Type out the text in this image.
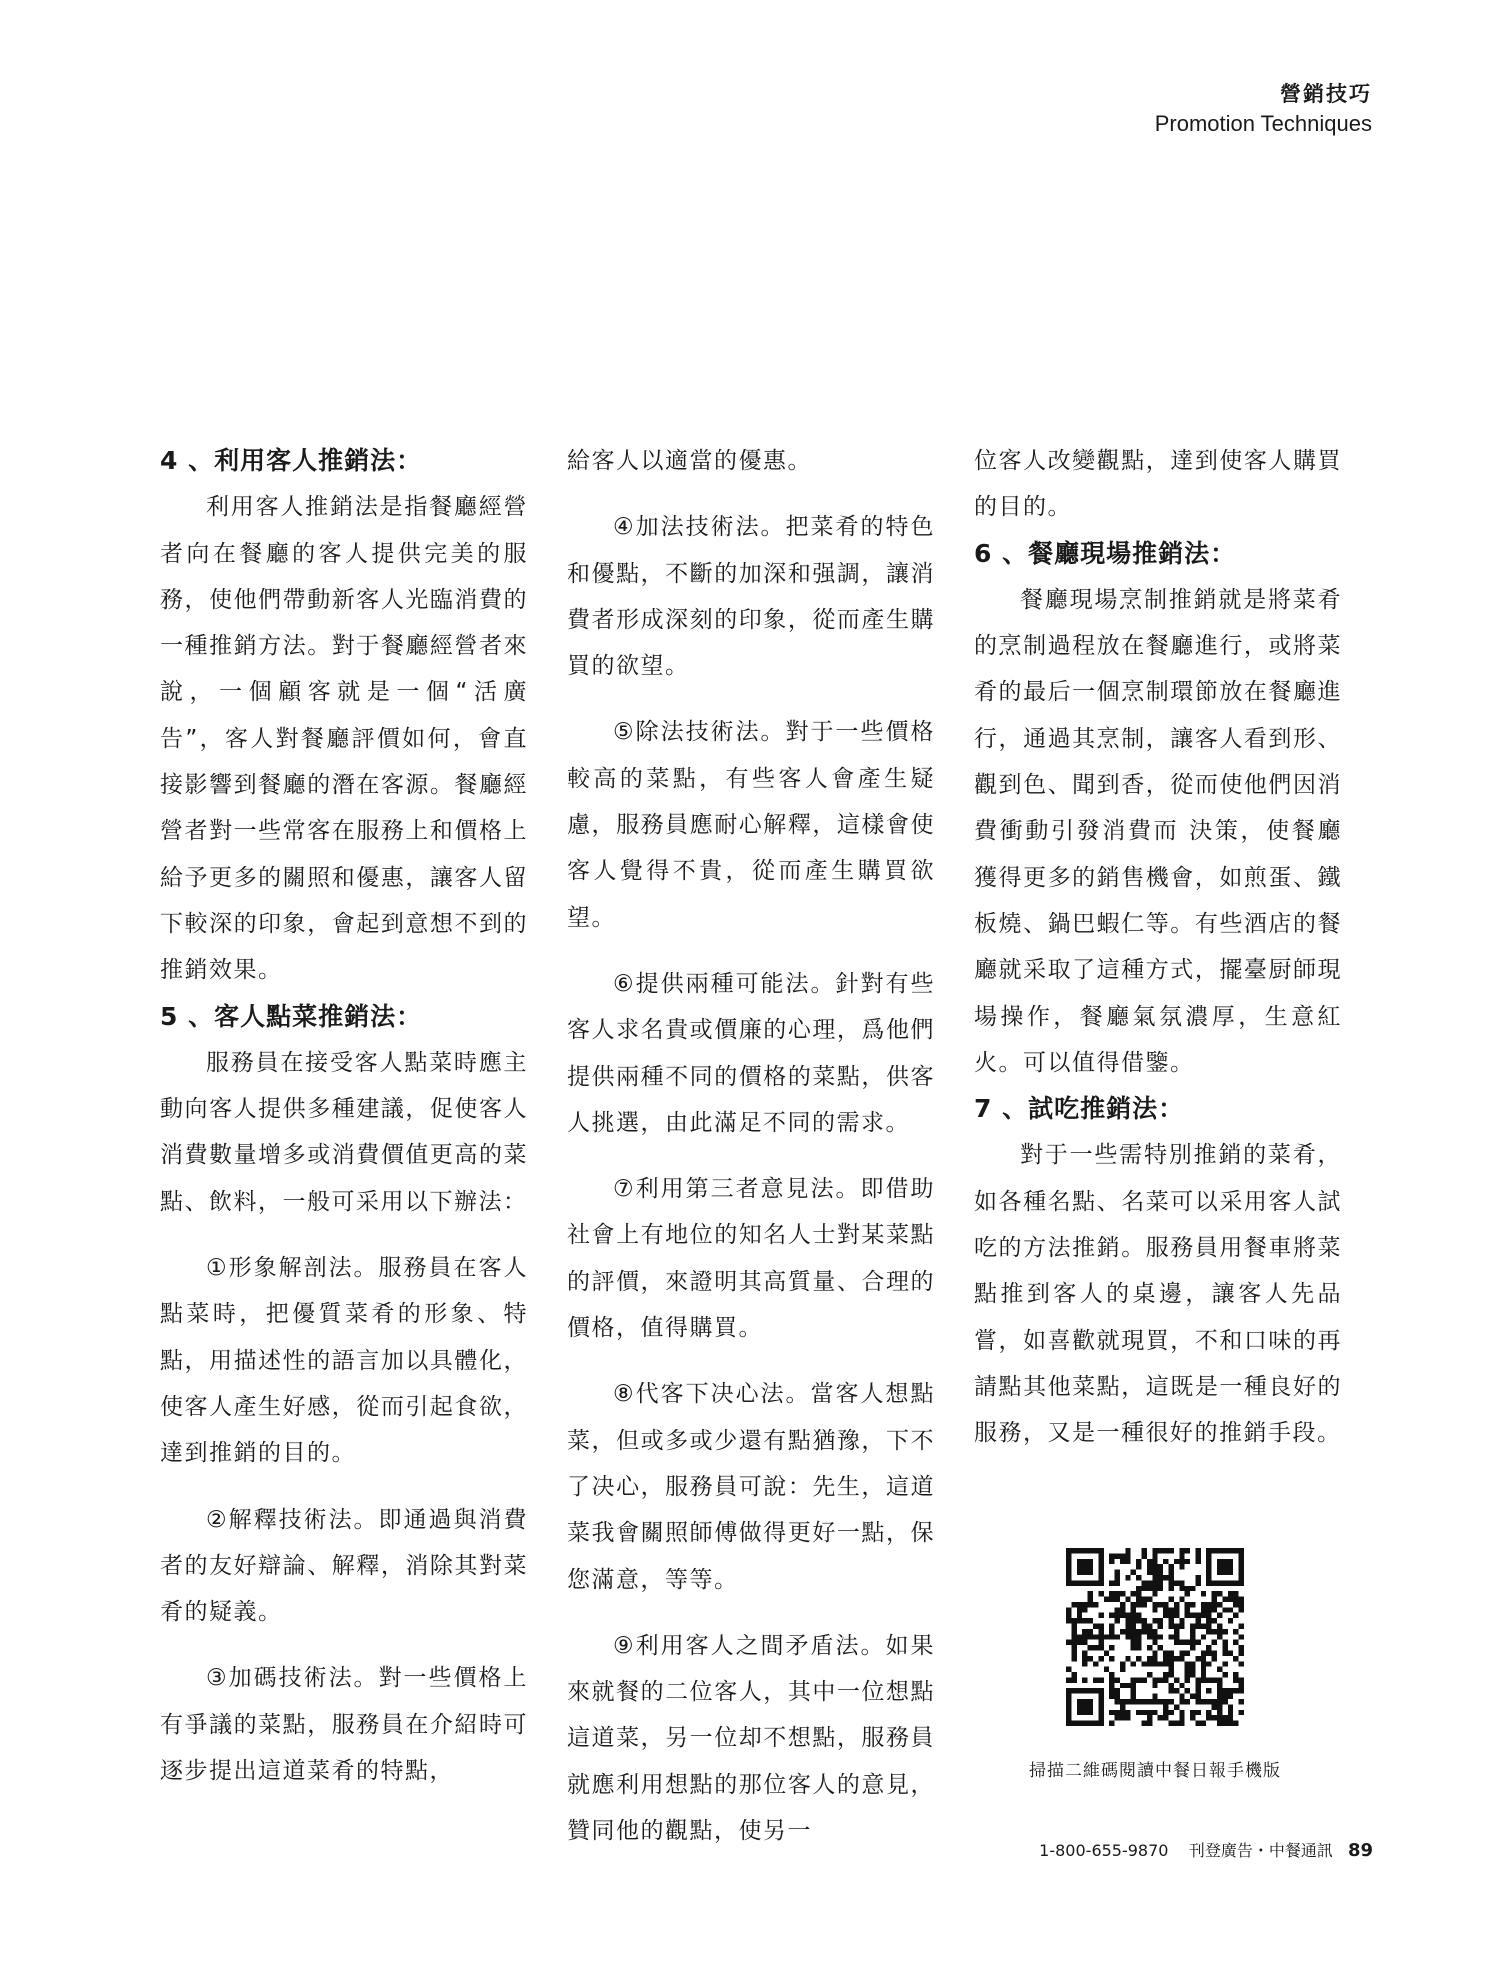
營銷技巧
Promotion Techniques
4 、利用客人推銷法：

利用客人推銷法是指餐廳經營者向在餐廳的客人提供完美的服務，使他們帶動新客人光臨消費的一種推銷方法。對于餐廳經營者來說，一個顧客就是一個“活廣告”，客人對餐廳評價如何，會直接影響到餐廳的潛在客源。餐廳經營者對一些常客在服務上和價格上給予更多的關照和優惠，讓客人留下較深的印象，會起到意想不到的推銷效果。

5 、客人點菜推銷法：

服務員在接受客人點菜時應主動向客人提供多種建議，促使客人消費數量增多或消費價值更高的菜點、飲料，一般可采用以下辦法：

①形象解剖法。服務員在客人點菜時，把優質菜肴的形象、特點，用描述性的語言加以具體化，使客人產生好感，從而引起食欲，達到推銷的目的。

②解釋技術法。即通過與消費者的友好辯論、解釋，消除其對菜肴的疑義。

③加碼技術法。對一些價格上有爭議的菜點，服務員在介紹時可逐步提出這道菜肴的特點，

給客人以適當的優惠。

④加法技術法。把菜肴的特色和優點，不斷的加深和强調，讓消費者形成深刻的印象，從而產生購買的欲望。

⑤除法技術法。對于一些價格較高的菜點，有些客人會產生疑慮，服務員應耐心解釋，這樣會使客人覺得不貴，從而產生購買欲望。

⑥提供兩種可能法。針對有些客人求名貴或價廉的心理，爲他們提供兩種不同的價格的菜點，供客人挑選，由此滿足不同的需求。

⑦利用第三者意見法。即借助社會上有地位的知名人士對某菜點的評價，來證明其高質量、合理的價格，值得購買。

⑧代客下决心法。當客人想點菜，但或多或少還有點猶豫，下不了决心，服務員可說：先生，這道菜我會關照師傅做得更好一點，保您滿意，等等。

⑨利用客人之間矛盾法。如果來就餐的二位客人，其中一位想點這道菜，另一位却不想點，服務員就應利用想點的那位客人的意見，贊同他的觀點，使另一

位客人改變觀點，達到使客人購買的目的。

6 、餐廳現場推銷法：

餐廳現場烹制推銷就是將菜肴的烹制過程放在餐廳進行，或將菜肴的最后一個烹制環節放在餐廳進行，通過其烹制，讓客人看到形、觀到色、聞到香，從而使他們因消費衝動引發消費而 決策，使餐廳獲得更多的銷售機會，如煎蛋、鐵板燒、鍋巴蝦仁等。有些酒店的餐廳就采取了這種方式，擺臺厨師現場操作，餐廳氣氛濃厚，生意紅火。可以值得借鑒。

7 、試吃推銷法：

對于一些需特別推銷的菜肴，如各種名點、名菜可以采用客人試吃的方法推銷。服務員用餐車將菜點推到客人的桌邊，讓客人先品嘗，如喜歡就現買，不和口味的再請點其他菜點，這既是一種良好的服務，又是一種很好的推銷手段。

掃描二維碼閱讀中餐日報手機版
1-800-655-9870 刊登廣告・中餐通訊 89
